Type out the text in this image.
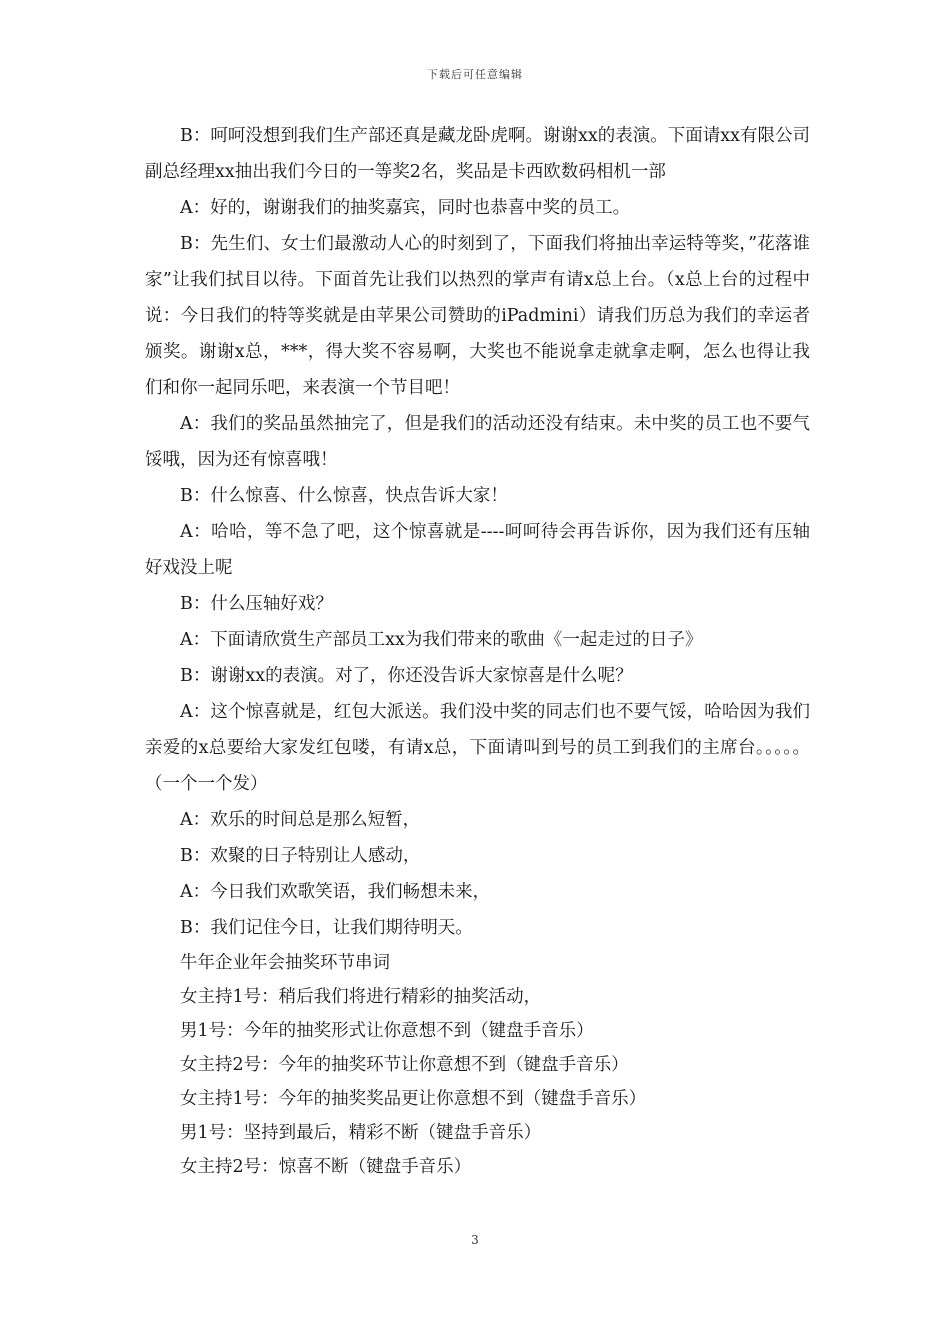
下载后可任意编辑

B：呵呵没想到我们生产部还真是藏龙卧虎啊。谢谢xx的表演。下面请xx有限公司副总经理xx抽出我们今日的一等奖2名，奖品是卡西欧数码相机一部

A：好的，谢谢我们的抽奖嘉宾，同时也恭喜中奖的员工。

B：先生们、女士们最激动人心的时刻到了，下面我们将抽出幸运特等奖，”花落谁家”让我们拭目以待。下面首先让我们以热烈的掌声有请x总上台。（x总上台的过程中说：今日我们的特等奖就是由苹果公司赞助的iPadmini）请我们历总为我们的幸运者颁奖。谢谢x总，***，得大奖不容易啊，大奖也不能说拿走就拿走啊，怎么也得让我们和你一起同乐吧，来表演一个节目吧！

A：我们的奖品虽然抽完了，但是我们的活动还没有结束。未中奖的员工也不要气馁哦，因为还有惊喜哦！

B：什么惊喜、什么惊喜，快点告诉大家！

A：哈哈，等不急了吧，这个惊喜就是----呵呵待会再告诉你，因为我们还有压轴好戏没上呢

B：什么压轴好戏？

A：下面请欣赏生产部员工xx为我们带来的歌曲《一起走过的日子》

B：谢谢xx的表演。对了，你还没告诉大家惊喜是什么呢？

A：这个惊喜就是，红包大派送。我们没中奖的同志们也不要气馁，哈哈因为我们亲爱的x总要给大家发红包喽，有请x总，下面请叫到号的员工到我们的主席台。。。。。（一个一个发）

A：欢乐的时间总是那么短暂，

B：欢聚的日子特别让人感动，

A：今日我们欢歌笑语，我们畅想未来，

B：我们记住今日，让我们期待明天。

牛年企业年会抽奖环节串词

女主持1号：稍后我们将进行精彩的抽奖活动，

男1号：今年的抽奖形式让你意想不到（键盘手音乐）

女主持2号：今年的抽奖环节让你意想不到（键盘手音乐）

女主持1号：今年的抽奖奖品更让你意想不到（键盘手音乐）

男1号：坚持到最后，精彩不断（键盘手音乐）

女主持2号：惊喜不断（键盘手音乐）

3
